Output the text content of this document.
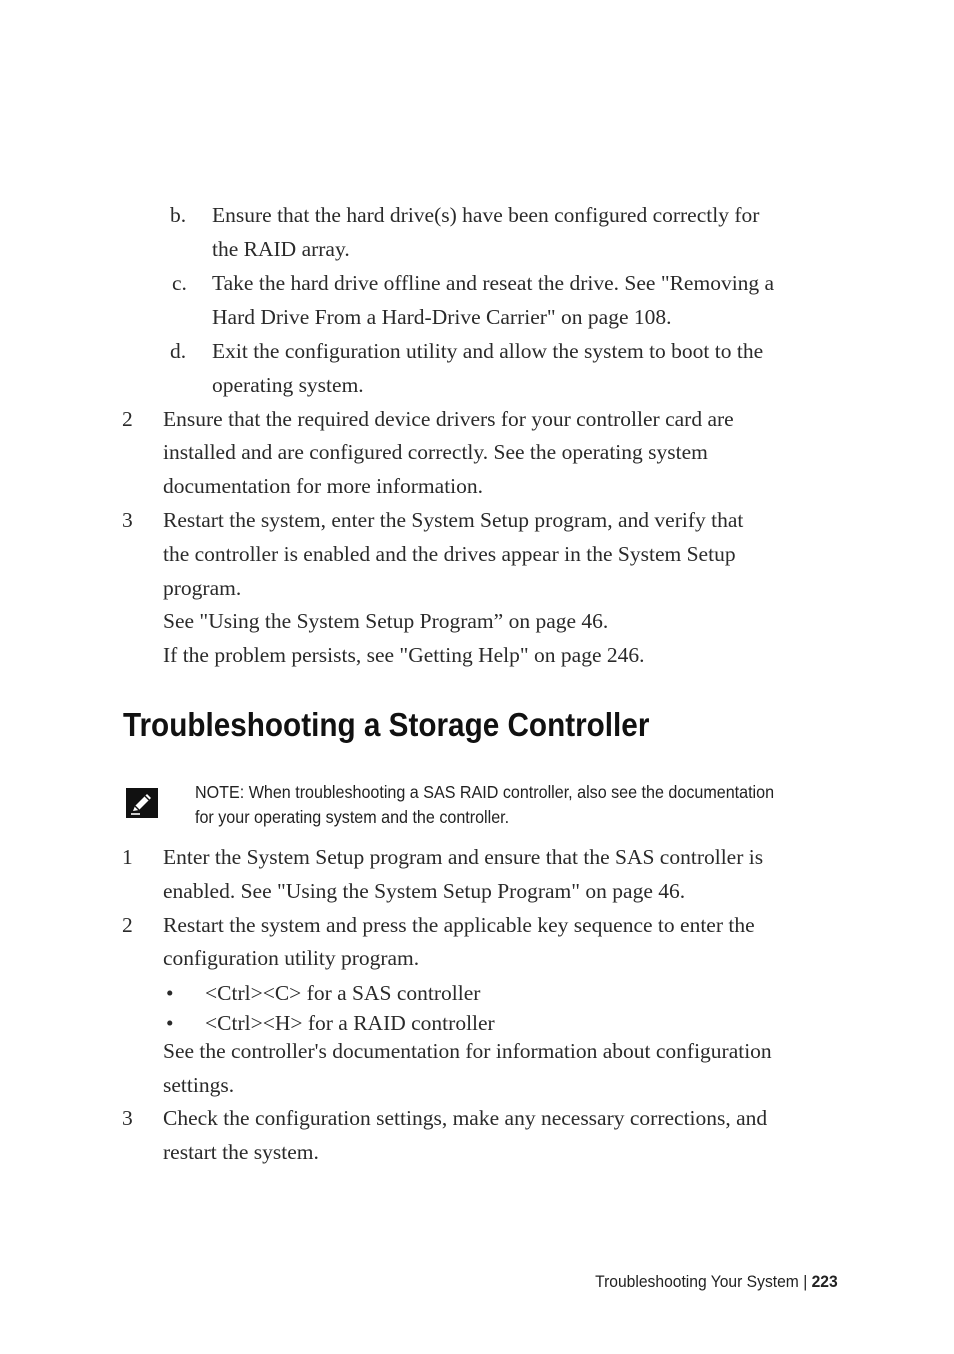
b. Ensure that the hard drive(s) have been configured correctly for
the RAID array.
c. Take the hard drive offline and reseat the drive. See "Removing a
Hard Drive From a Hard-Drive Carrier" on page 108.
d. Exit the configuration utility and allow the system to boot to the
operating system.
2 Ensure that the required device drivers for your controller card are
installed and are configured correctly. See the operating system
documentation for more information.
3 Restart the system, enter the System Setup program, and verify that
the controller is enabled and the drives appear in the System Setup
program.
See "Using the System Setup Program” on page 46.
If the problem persists, see "Getting Help" on page 246.
Troubleshooting a Storage Controller
NOTE: When troubleshooting a SAS RAID controller, also see the documentation
for your operating system and the controller.
1 Enter the System Setup program and ensure that the SAS controller is
enabled. See "Using the System Setup Program" on page 46.
2 Restart the system and press the applicable key sequence to enter the
configuration utility program.
• <Ctrl><C> for a SAS controller
• <Ctrl><H> for a RAID controller
See the controller's documentation for information about configuration
settings.
3 Check the configuration settings, make any necessary corrections, and
restart the system.
Troubleshooting Your System | 223
